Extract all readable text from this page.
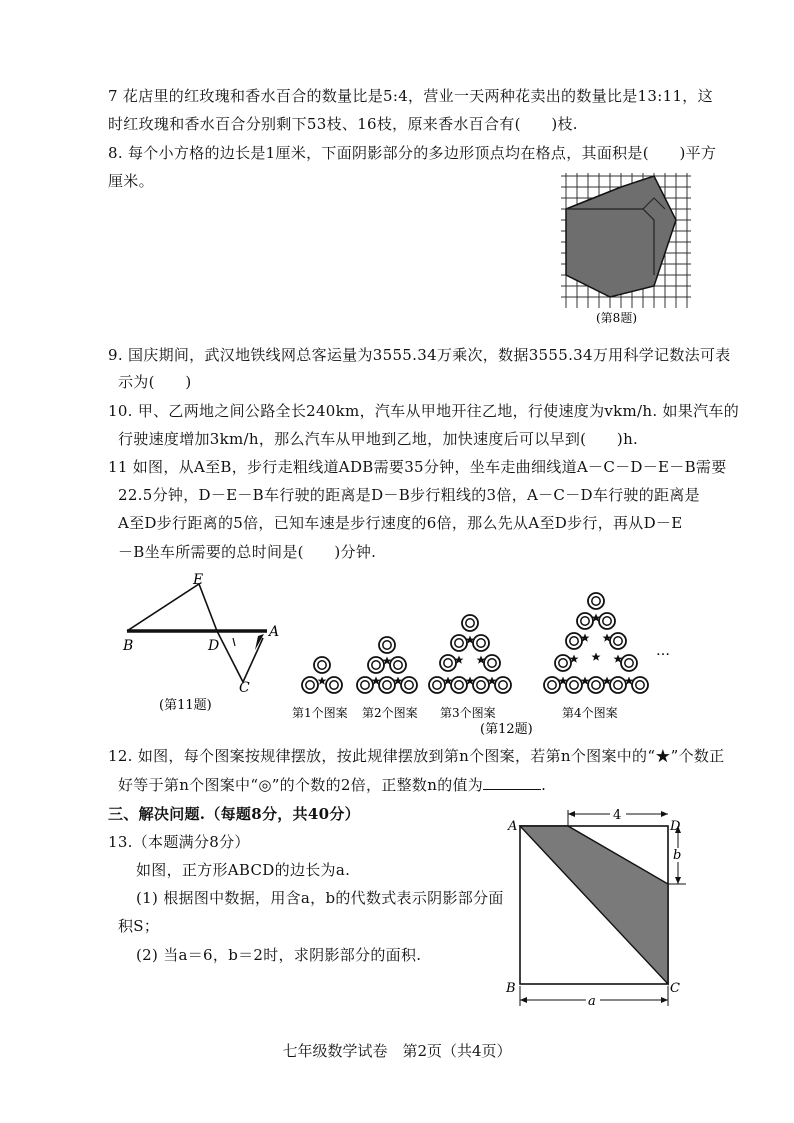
7 花店里的红玫瑰和香水百合的数量比是5:4，营业一天两种花卖出的数量比是13:11，这
时红玫瑰和香水百合分别剩下53枝、16枝，原来香水百合有(　　)枝.
8. 每个小方格的边长是1厘米，下面阴影部分的多边形顶点均在格点，其面积是(　　)平方
厘米。
(第8题)
9. 国庆期间，武汉地铁线网总客运量为3555.34万乘次，数据3555.34万用科学记数法可表
示为(　　)
10. 甲、乙两地之间公路全长240km，汽车从甲地开往乙地，行使速度为vkm/h. 如果汽车的
行驶速度增加3km/h，那么汽车从甲地到乙地，加快速度后可以早到(　　)h.
11 如图，从A至B，步行走粗线道ADB需要35分钟，坐车走曲细线道A－C－D－E－B需要
22.5分钟，D－E－B车行驶的距离是D－B步行粗线的3倍，A－C－D车行驶的距离是
A至D步行距离的5倍，已知车速是步行速度的6倍，那么先从A至D步行，再从D－E
－B坐车所需要的总时间是(　　)分钟.
E
B	D
A
C
(第11题)
…
第1个图案 第2个图案 第3个图案	第4个图案
(第12题)
12. 如图，每个图案按规律摆放，按此规律摆放到第n个图案，若第n个图案中的“★”个数正
好等于第n个图案中“◎”的个数的2倍，正整数n的值为	.
三、解决问题.（每题8分，共40分）
13.（本题满分8分）
如图，正方形ABCD的边长为a.
(1) 根据图中数据，用含a，b的代数式表示阴影部分面
积S；
(2) 当a＝6，b＝2时，求阴影部分的面积.
4
b
a
A	D
B	C
七年级数学试卷　第2页（共4页）
